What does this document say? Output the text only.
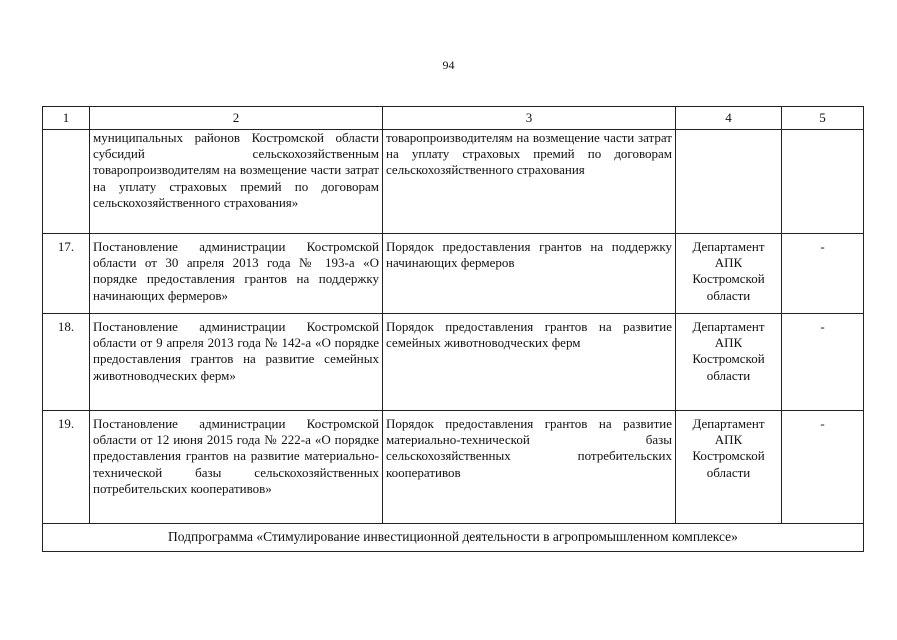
94
1	2	3	4	5
	муниципальных районов Костромской области субсидий сельскохозяйственным товаропроизводителям на возмещение части затрат на уплату страховых премий по договорам сельскохозяйственного страхования»	товаропроизводителям на возмещение части затрат на уплату страховых премий по договорам сельскохозяйственного страхования		
17.	Постановление администрации Костромской области от 30 апреля 2013 года № 193-а «О порядке предоставления грантов на поддержку начинающих фермеров»	Порядок предоставления грантов на поддержку начинающих фермеров	Департамент АПК Костромской области	-
18.	Постановление администрации Костромской области от 9 апреля 2013 года № 142-а «О порядке предоставления грантов на развитие семейных животноводческих ферм»	Порядок предоставления грантов на развитие семейных животноводческих ферм	Департамент АПК Костромской области	-
19.	Постановление администрации Костромской области от 12 июня 2015 года № 222-а «О порядке предоставления грантов на развитие материально-технической базы сельскохозяйственных потребительских кооперативов»	Порядок предоставления грантов на развитие материально-технической базы сельскохозяйственных потребительских кооперативов	Департамент АПК Костромской области	-
Подпрограмма «Стимулирование инвестиционной деятельности в агропромышленном комплексе»				
